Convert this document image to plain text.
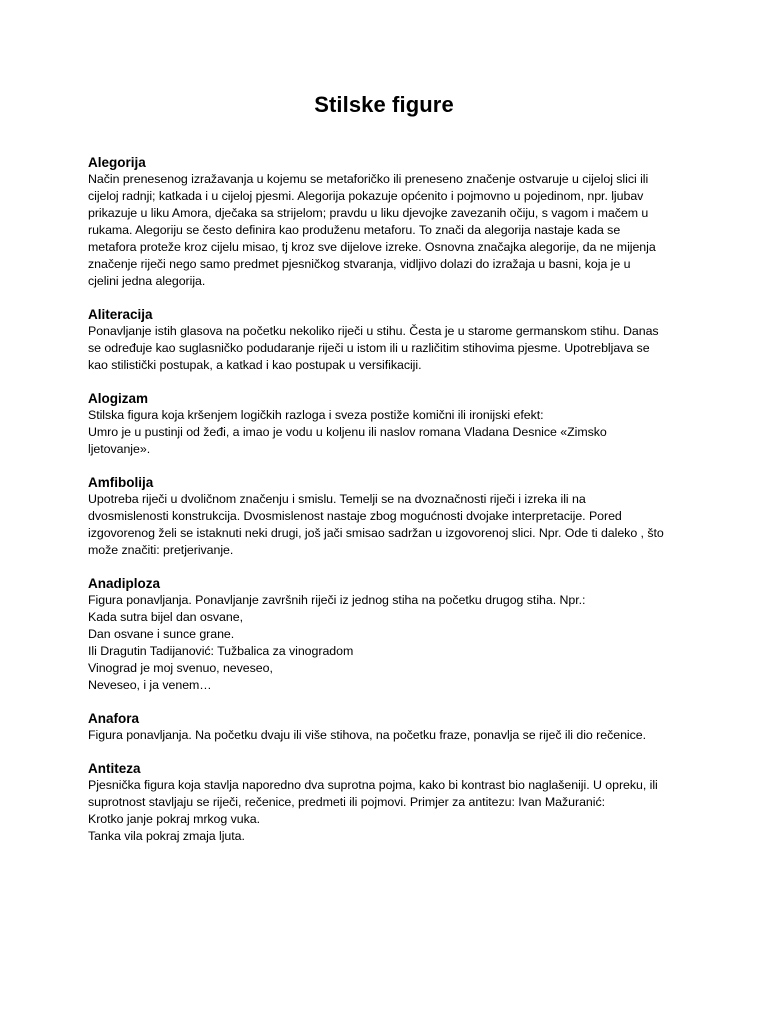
Stilske figure
Alegorija
Način prenesenog izražavanja u kojemu se metaforičko ili preneseno značenje ostvaruje u cijeloj slici ili
cijeloj radnji; katkada i u cijeloj pjesmi. Alegorija pokazuje općenito i pojmovno u pojedinom, npr. ljubav
prikazuje u liku Amora, dječaka sa strijelom; pravdu u liku djevojke zavezanih očiju, s vagom i mačem u
rukama. Alegoriju se često definira kao produženu metaforu. To znači da alegorija nastaje kada se
metafora proteže kroz cijelu misao, tj kroz sve dijelove izreke. Osnovna značajka alegorije, da ne mijenja
značenje riječi nego samo predmet pjesničkog stvaranja, vidljivo dolazi do izražaja u basni, koja je u
cjelini jedna alegorija.
Aliteracija
Ponavljanje istih glasova na početku nekoliko riječi u stihu. Česta je u starome germanskom stihu. Danas
se određuje kao suglasničko podudaranje riječi u istom ili u različitim stihovima pjesme. Upotrebljava se
kao stilistički postupak, a katkad i kao postupak u versifikaciji.
Alogizam
Stilska figura koja kršenjem logičkih razloga i sveza postiže komični ili ironijski efekt:
Umro je u pustinji od žeđi, a imao je vodu u koljenu ili naslov romana Vladana Desnice «Zimsko
ljetovanje».
Amfibolija
Upotreba riječi u dvoličnom značenju i smislu. Temelji se na dvoznačnosti riječi i izreka ili na
dvosmislenosti konstrukcija. Dvosmislenost nastaje zbog mogućnosti dvojake interpretacije. Pored
izgovorenog želi se istaknuti neki drugi, još jači smisao sadržan u izgovorenoj slici. Npr. Ode ti daleko , što
može značiti: pretjerivanje.
Anadiploza
Figura ponavljanja. Ponavljanje završnih riječi iz jednog stiha na početku drugog stiha. Npr.:
Kada sutra bijel dan osvane,
Dan osvane i sunce grane.
Ili Dragutin Tadijanović: Tužbalica za vinogradom
Vinograd je moj svenuo, neveseo,
Neveseo, i ja venem…
Anafora
Figura ponavljanja. Na početku dvaju ili više stihova, na početku fraze, ponavlja se riječ ili dio rečenice.
Antiteza
Pjesnička figura koja stavlja naporedno dva suprotna pojma, kako bi kontrast bio naglašeniji. U opreku, ili
suprotnost stavljaju se riječi, rečenice, predmeti ili pojmovi. Primjer za antitezu: Ivan Mažuranić:
Krotko janje pokraj mrkog vuka.
Tanka vila pokraj zmaja ljuta.
